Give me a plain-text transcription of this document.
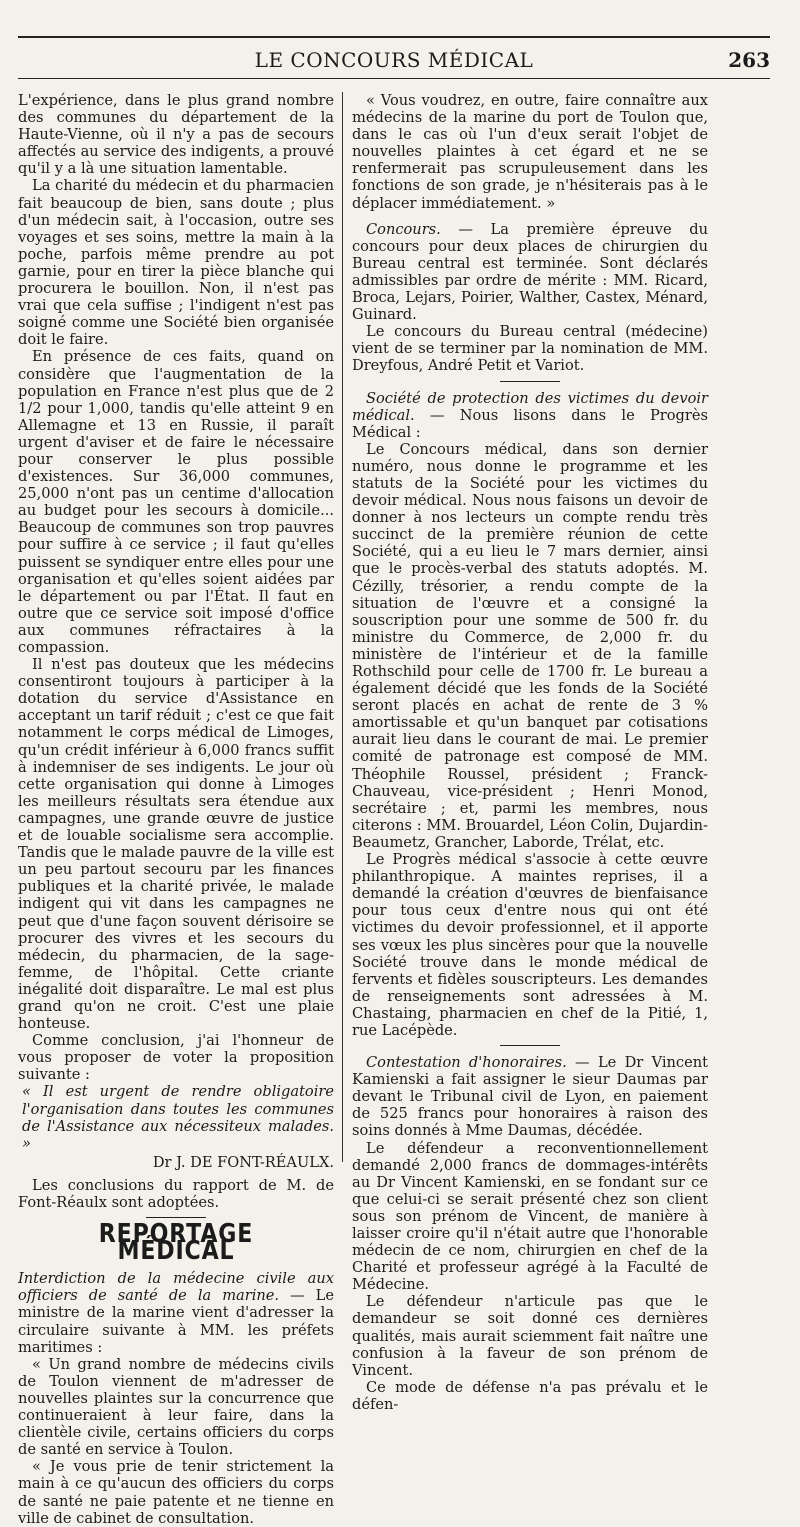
LE CONCOURS MÉDICAL	263

L'expérience, dans le plus grand nombre des communes du département de la Haute-Vienne, où il n'y a pas de secours affectés au service des indigents, a prouvé qu'il y a là une situation lamentable.

La charité du médecin et du pharmacien fait beaucoup de bien, sans doute ; plus d'un médecin sait, à l'occasion, outre ses voyages et ses soins, mettre la main à la poche, parfois même prendre au pot garnie, pour en tirer la pièce blanche qui procurera le bouillon. Non, il n'est pas vrai que cela suffise ; l'indigent n'est pas soigné comme une Société bien organisée doit le faire.

En présence de ces faits, quand on considère que l'augmentation de la population en France n'est plus que de 2 1/2 pour 1,000, tandis qu'elle atteint 9 en Allemagne et 13 en Russie, il paraît urgent d'aviser et de faire le nécessaire pour conserver le plus possible d'existences. Sur 36,000 communes, 25,000 n'ont pas un centime d'allocation au budget pour les secours à domicile... Beaucoup de communes son trop pauvres pour suffire à ce service ; il faut qu'elles puissent se syndiquer entre elles pour une organisation et qu'elles soient aidées par le département ou par l'État. Il faut en outre que ce service soit imposé d'office aux communes réfractaires à la compassion.

Il n'est pas douteux que les médecins consentiront toujours à participer à la dotation du service d'Assistance en acceptant un tarif réduit ; c'est ce que fait notamment le corps médical de Limoges, qu'un crédit inférieur à 6,000 francs suffit à indemniser de ses indigents. Le jour où cette organisation qui donne à Limoges les meilleurs résultats sera étendue aux campagnes, une grande œuvre de justice et de louable socialisme sera accomplie. Tandis que le malade pauvre de la ville est un peu partout secouru par les finances publiques et la charité privée, le malade indigent qui vit dans les campagnes ne peut que d'une façon souvent dérisoire se procurer des vivres et les secours du médecin, du pharmacien, de la sage-femme, de l'hôpital. Cette criante inégalité doit disparaître. Le mal est plus grand qu'on ne croit. C'est une plaie honteuse.

Comme conclusion, j'ai l'honneur de vous proposer de voter la proposition suivante :

« Il est urgent de rendre obligatoire l'organisation dans toutes les communes de l'Assistance aux nécessiteux malades. »

Dr J. DE FONT-RÉAULX.

Les conclusions du rapport de M. de Font-Réaulx sont adoptées.

REPORTAGE MÉDICAL

Interdiction de la médecine civile aux officiers de santé de la marine. — Le ministre de la marine vient d'adresser la circulaire suivante à MM. les préfets maritimes :

« Un grand nombre de médecins civils de Toulon viennent de m'adresser de nouvelles plaintes sur la concurrence que continueraient à leur faire, dans la clientèle civile, certains officiers du corps de santé en service à Toulon.

« Je vous prie de tenir strictement la main à ce qu'aucun des officiers du corps de santé ne paie patente et ne tienne en ville de cabinet de consultation.

« Vous voudrez, en outre, faire connaître aux médecins de la marine du port de Toulon que, dans le cas où l'un d'eux serait l'objet de nouvelles plaintes à cet égard et ne se renfermerait pas scrupuleusement dans les fonctions de son grade, je n'hésiterais pas à le déplacer immédiatement. »

Concours. — La première épreuve du concours pour deux places de chirurgien du Bureau central est terminée. Sont déclarés admissibles par ordre de mérite : MM. Ricard, Broca, Lejars, Poirier, Walther, Castex, Ménard, Guinard.

Le concours du Bureau central (médecine) vient de se terminer par la nomination de MM. Dreyfous, André Petit et Variot.

Société de protection des victimes du devoir médical. — Nous lisons dans le Progrès Médical :

Le Concours médical, dans son dernier numéro, nous donne le programme et les statuts de la Société pour les victimes du devoir médical. Nous nous faisons un devoir de donner à nos lecteurs un compte rendu très succinct de la première réunion de cette Société, qui a eu lieu le 7 mars dernier, ainsi que le procès-verbal des statuts adoptés. M. Cézilly, trésorier, a rendu compte de la situation de l'œuvre et a consigné la souscription pour une somme de 500 fr. du ministre du Commerce, de 2,000 fr. du ministère de l'intérieur et de la famille Rothschild pour celle de 1700 fr. Le bureau a également décidé que les fonds de la Société seront placés en achat de rente de 3 % amortissable et qu'un banquet par cotisations aurait lieu dans le courant de mai. Le premier comité de patronage est composé de MM. Théophile Roussel, président ; Franck-Chauveau, vice-président ; Henri Monod, secrétaire ; et, parmi les membres, nous citerons : MM. Brouardel, Léon Colin, Dujardin-Beaumetz, Grancher, Laborde, Trélat, etc.

Le Progrès médical s'associe à cette œuvre philanthropique. A maintes reprises, il a demandé la création d'œuvres de bienfaisance pour tous ceux d'entre nous qui ont été victimes du devoir professionnel, et il apporte ses vœux les plus sincères pour que la nouvelle Société trouve dans le monde médical de fervents et fidèles souscripteurs. Les demandes de renseignements sont adressées à M. Chastaing, pharmacien en chef de la Pitié, 1, rue Lacépède.

Contestation d'honoraires. — Le Dr Vincent Kamienski a fait assigner le sieur Daumas par devant le Tribunal civil de Lyon, en paiement de 525 francs pour honoraires à raison des soins donnés à Mme Daumas, décédée.

Le défendeur a reconventionnellement demandé 2,000 francs de dommages-intérêts au Dr Vincent Kamienski, en se fondant sur ce que celui-ci se serait présenté chez son client sous son prénom de Vincent, de manière à laisser croire qu'il n'était autre que l'honorable médecin de ce nom, chirurgien en chef de la Charité et professeur agrégé à la Faculté de Médecine.

Le défendeur n'articule pas que le demandeur se soit donné ces dernières qualités, mais aurait sciemment fait naître une confusion à la faveur de son prénom de Vincent.

Ce mode de défense n'a pas prévalu et le défen-
